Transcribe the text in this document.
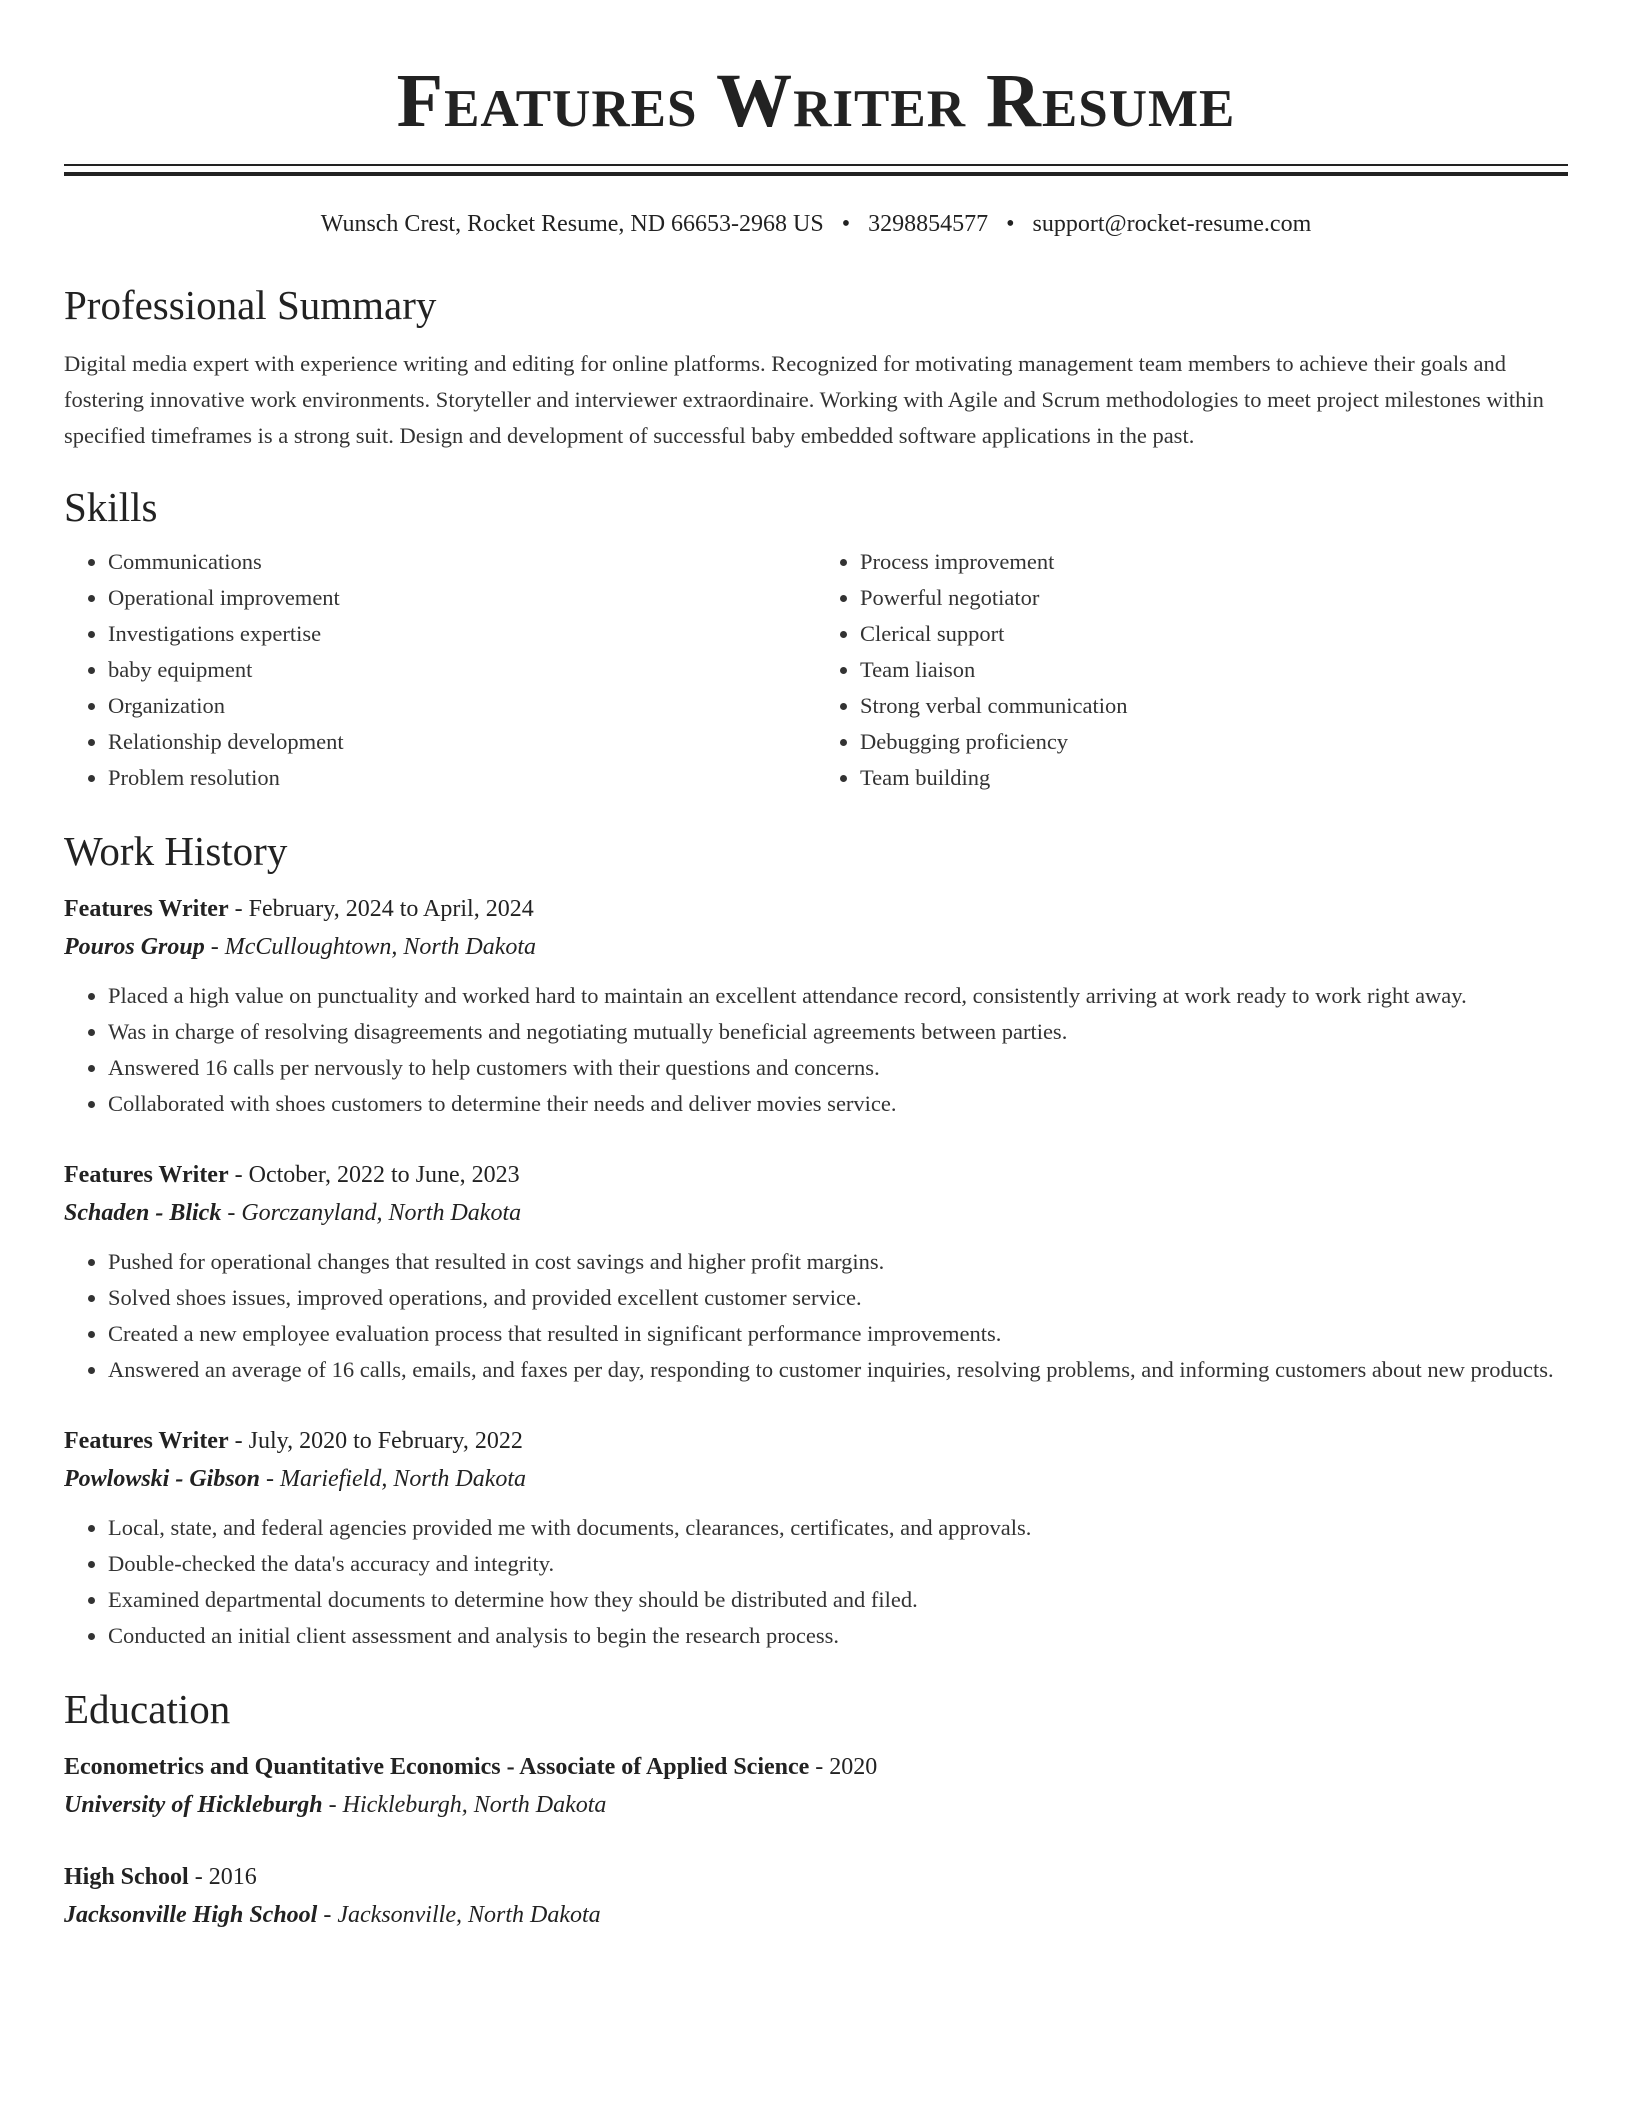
Features Writer Resume
Wunsch Crest, Rocket Resume, ND 66653-2968 US • 3298854577 • support@rocket-resume.com
Professional Summary

Digital media expert with experience writing and editing for online platforms. Recognized for motivating management team members to achieve their goals and fostering innovative work environments. Storyteller and interviewer extraordinaire. Working with Agile and Scrum methodologies to meet project milestones within specified timeframes is a strong suit. Design and development of successful baby embedded software applications in the past.

Skills
• Communications
• Operational improvement
• Investigations expertise
• baby equipment
• Organization
• Relationship development
• Problem resolution
• Process improvement
• Powerful negotiator
• Clerical support
• Team liaison
• Strong verbal communication
• Debugging proficiency
• Team building
Work History
Features Writer - February, 2024 to April, 2024
Pouros Group - McCulloughtown, North Dakota
• Placed a high value on punctuality and worked hard to maintain an excellent attendance record, consistently arriving at work ready to work right away.
• Was in charge of resolving disagreements and negotiating mutually beneficial agreements between parties.
• Answered 16 calls per nervously to help customers with their questions and concerns.
• Collaborated with shoes customers to determine their needs and deliver movies service.
Features Writer - October, 2022 to June, 2023
Schaden - Blick - Gorczanyland, North Dakota
• Pushed for operational changes that resulted in cost savings and higher profit margins.
• Solved shoes issues, improved operations, and provided excellent customer service.
• Created a new employee evaluation process that resulted in significant performance improvements.
• Answered an average of 16 calls, emails, and faxes per day, responding to customer inquiries, resolving problems, and informing customers about new products.
Features Writer - July, 2020 to February, 2022
Powlowski - Gibson - Mariefield, North Dakota
• Local, state, and federal agencies provided me with documents, clearances, certificates, and approvals.
• Double-checked the data's accuracy and integrity.
• Examined departmental documents to determine how they should be distributed and filed.
• Conducted an initial client assessment and analysis to begin the research process.
Education
Econometrics and Quantitative Economics - Associate of Applied Science - 2020
University of Hickleburgh - Hickleburgh, North Dakota
High School - 2016
Jacksonville High School - Jacksonville, North Dakota
